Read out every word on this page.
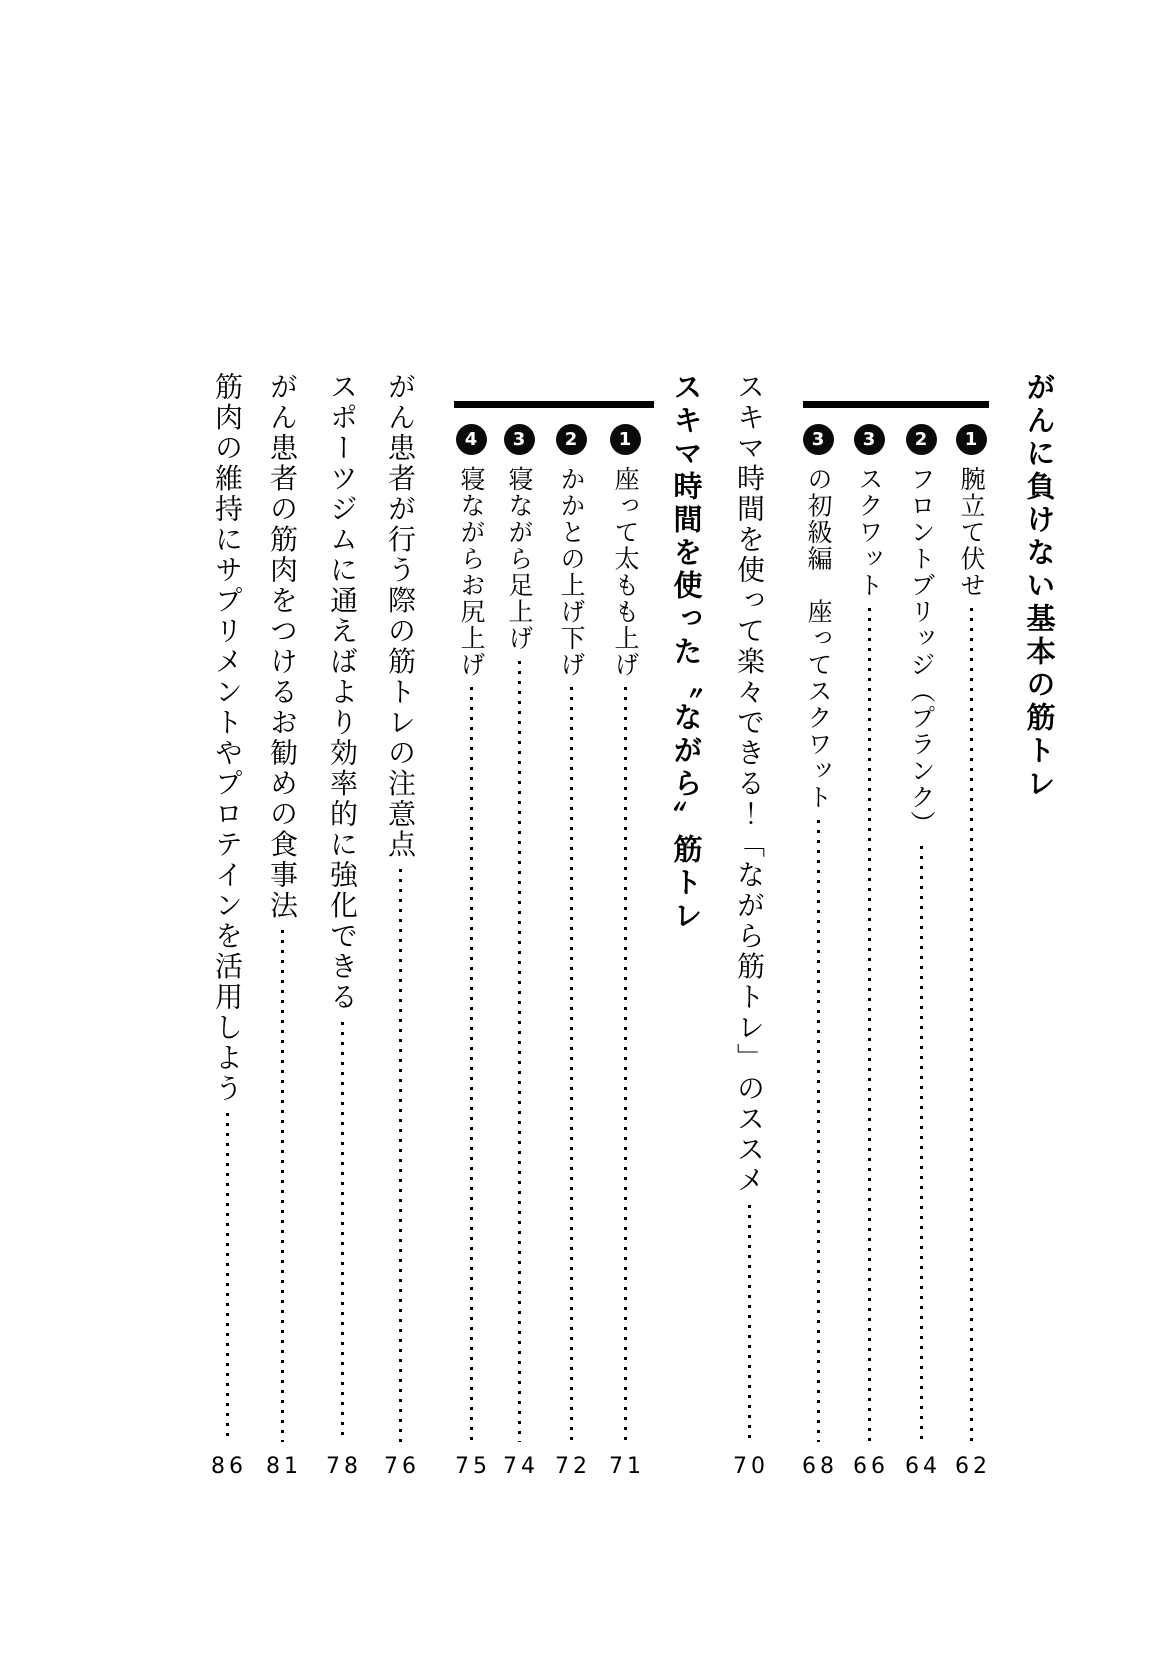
がんに負けない基本の筋トレ
1
腕立て伏せ
62
2
フロントブリッジ（プランク）
64
3
スクワット
66
3
の初級編　座ってスクワット
68
スキマ時間を使って楽々できる！「ながら筋トレ」のススメ
70
スキマ時間を使った〝ながら〟筋トレ
1
座って太もも上げ
71
2
かかとの上げ下げ
72
3
寝ながら足上げ
74
4
寝ながらお尻上げ
75
がん患者が行う際の筋トレの注意点
76
スポーツジムに通えばより効率的に強化できる
78
がん患者の筋肉をつけるお勧めの食事法
81
筋肉の維持にサプリメントやプロテインを活用しよう
86
